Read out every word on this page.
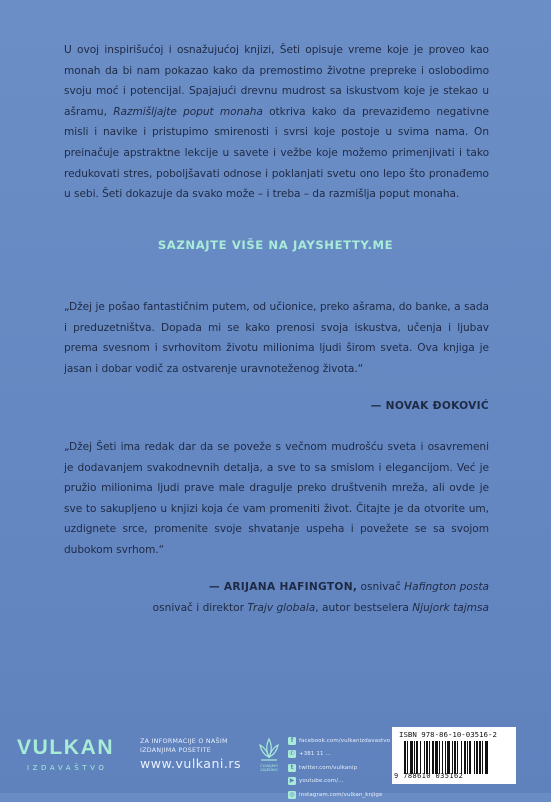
U ovoj inspirišućoj i osnažujućoj knjizi, Šeti opisuje vreme koje je proveo kao monah da bi nam pokazao kako da premostimo životne prepreke i oslobodimo svoju moć i potencijal. Spajajući drevnu mudrost sa iskustvom koje je stekao u ašramu, Razmišljajte poput monaha otkriva kako da prevaziđemo negativne misli i navike i pristupimo smirenosti i svrsi koje postoje u svima nama. On preinačuje apstraktne lekcije u savete i vežbe koje možemo primenjivati i tako redukovati stres, poboljšavati odnose i poklanjati svetu ono lepo što pronađemo u sebi. Šeti dokazuje da svako može – i treba – da razmišlja poput monaha.

SAZNAJTE VIŠE NA JAYSHETTY.ME

„Džej je pošao fantastičnim putem, od učionice, preko ašrama, do banke, a sada i preduzetništva. Dopada mi se kako prenosi svoja iskustva, učenja i ljubav prema svesnom i svrhovitom životu milionima ljudi širom sveta. Ova knjiga je jasan i dobar vodič za ostvarenje uravnoteženog života.“

— NOVAK ĐOKOVIĆ

„Džej Šeti ima redak dar da se poveže s večnom mudrošću sveta i osavremeni je dodavanjem svakodnevnih detalja, a sve to sa smislom i elegancijom. Već je pružio milionima ljudi prave male dragulje preko društvenih mreža, ali ovde je sve to sakupljeno u knjizi koja će vam promeniti život. Čitajte je da otvorite um, uzdignete srce, promenite svoje shvatanje uspeha i povežete se sa svojom dubokom svrhom.“

— ARIJANA HAFINGTON, osnivač Hafington posta
osnivač i direktor Trajv globala, autor bestselera Njujork tajmsa
VULKAN
IZDAVAŠTVO
ZA INFORMACIJE O NAŠIM
IZDANJIMA POSETITE
www.vulkani.rs	ČUVAJMO ZAJEDNO
f	facebook.com/vulkanizdavastvo
✆ +381 11 ...
t	twitter.com/vulkanip
▶ youtube.com/...
◎ instagram.com/vulkan_knjige
ISBN 978-86-10-03516-2
9 788610 035162
